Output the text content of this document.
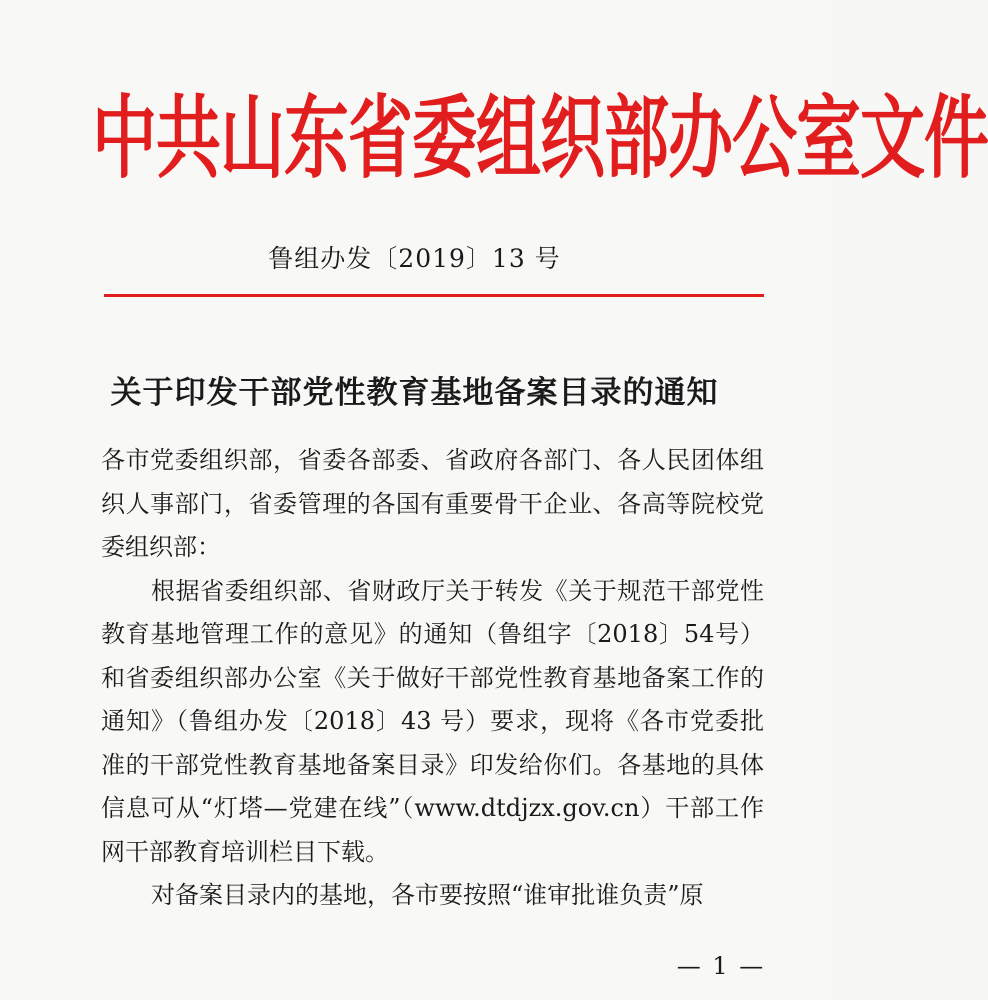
中共山东省委组织部办公室文件
鲁组办发〔2019〕13 号
关于印发干部党性教育基地备案目录的通知

各市党委组织部，省委各部委、省政府各部门、各人民团体组织人事部门，省委管理的各国有重要骨干企业、各高等院校党委组织部：

根据省委组织部、省财政厅关于转发《关于规范干部党性教育基地管理工作的意见》的通知（鲁组字〔2018〕54号）和省委组织部办公室《关于做好干部党性教育基地备案工作的通知》（鲁组办发〔2018〕43 号）要求，现将《各市党委批准的干部党性教育基地备案目录》印发给你们。各基地的具体信息可从“灯塔—党建在线”（www.dtdjzx.gov.cn）干部工作网干部教育培训栏目下载。

对备案目录内的基地，各市要按照“谁审批谁负责”原

— 1 —
